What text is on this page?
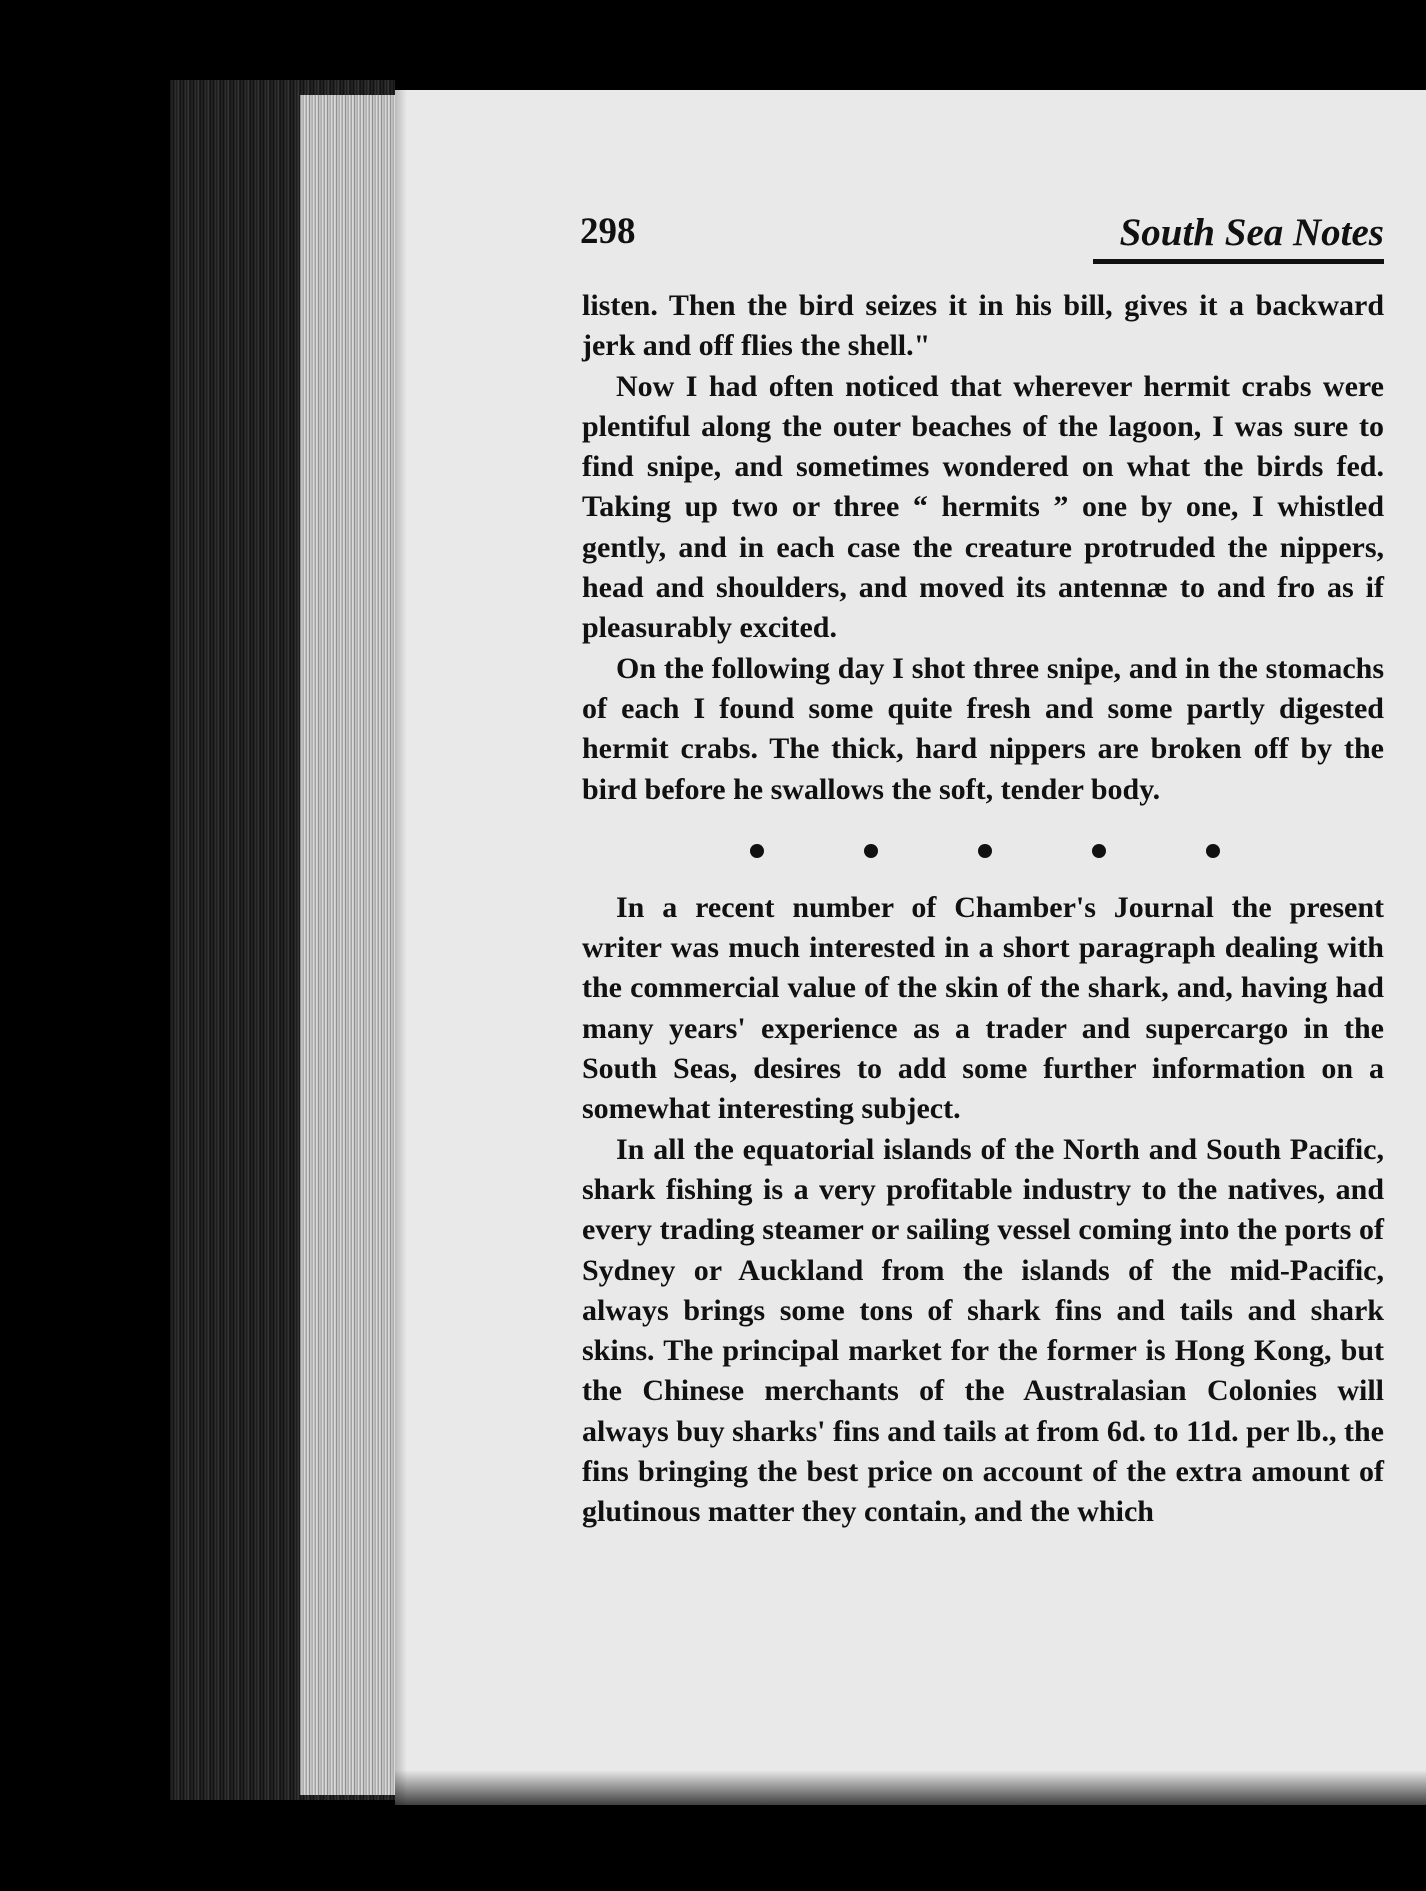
298	South Sea Notes

listen. Then the bird seizes it in his bill, gives it a backward jerk and off flies the shell."

Now I had often noticed that wherever hermit crabs were plentiful along the outer beaches of the lagoon, I was sure to find snipe, and sometimes wondered on what the birds fed. Taking up two or three “ hermits ” one by one, I whistled gently, and in each case the creature protruded the nippers, head and shoulders, and moved its antennæ to and fro as if pleasurably excited.

On the following day I shot three snipe, and in the stomachs of each I found some quite fresh and some partly digested hermit crabs. The thick, hard nippers are broken off by the bird before he swallows the soft, tender body.

In a recent number of Chamber's Journal the present writer was much interested in a short paragraph dealing with the commercial value of the skin of the shark, and, having had many years' experience as a trader and supercargo in the South Seas, desires to add some further information on a somewhat interesting subject.

In all the equatorial islands of the North and South Pacific, shark fishing is a very profitable industry to the natives, and every trading steamer or sailing vessel coming into the ports of Sydney or Auckland from the islands of the mid-Pacific, always brings some tons of shark fins and tails and shark skins. The principal market for the former is Hong Kong, but the Chinese merchants of the Australasian Colonies will always buy sharks' fins and tails at from 6d. to 11d. per lb., the fins bringing the best price on account of the extra amount of glutinous matter they contain, and the which
